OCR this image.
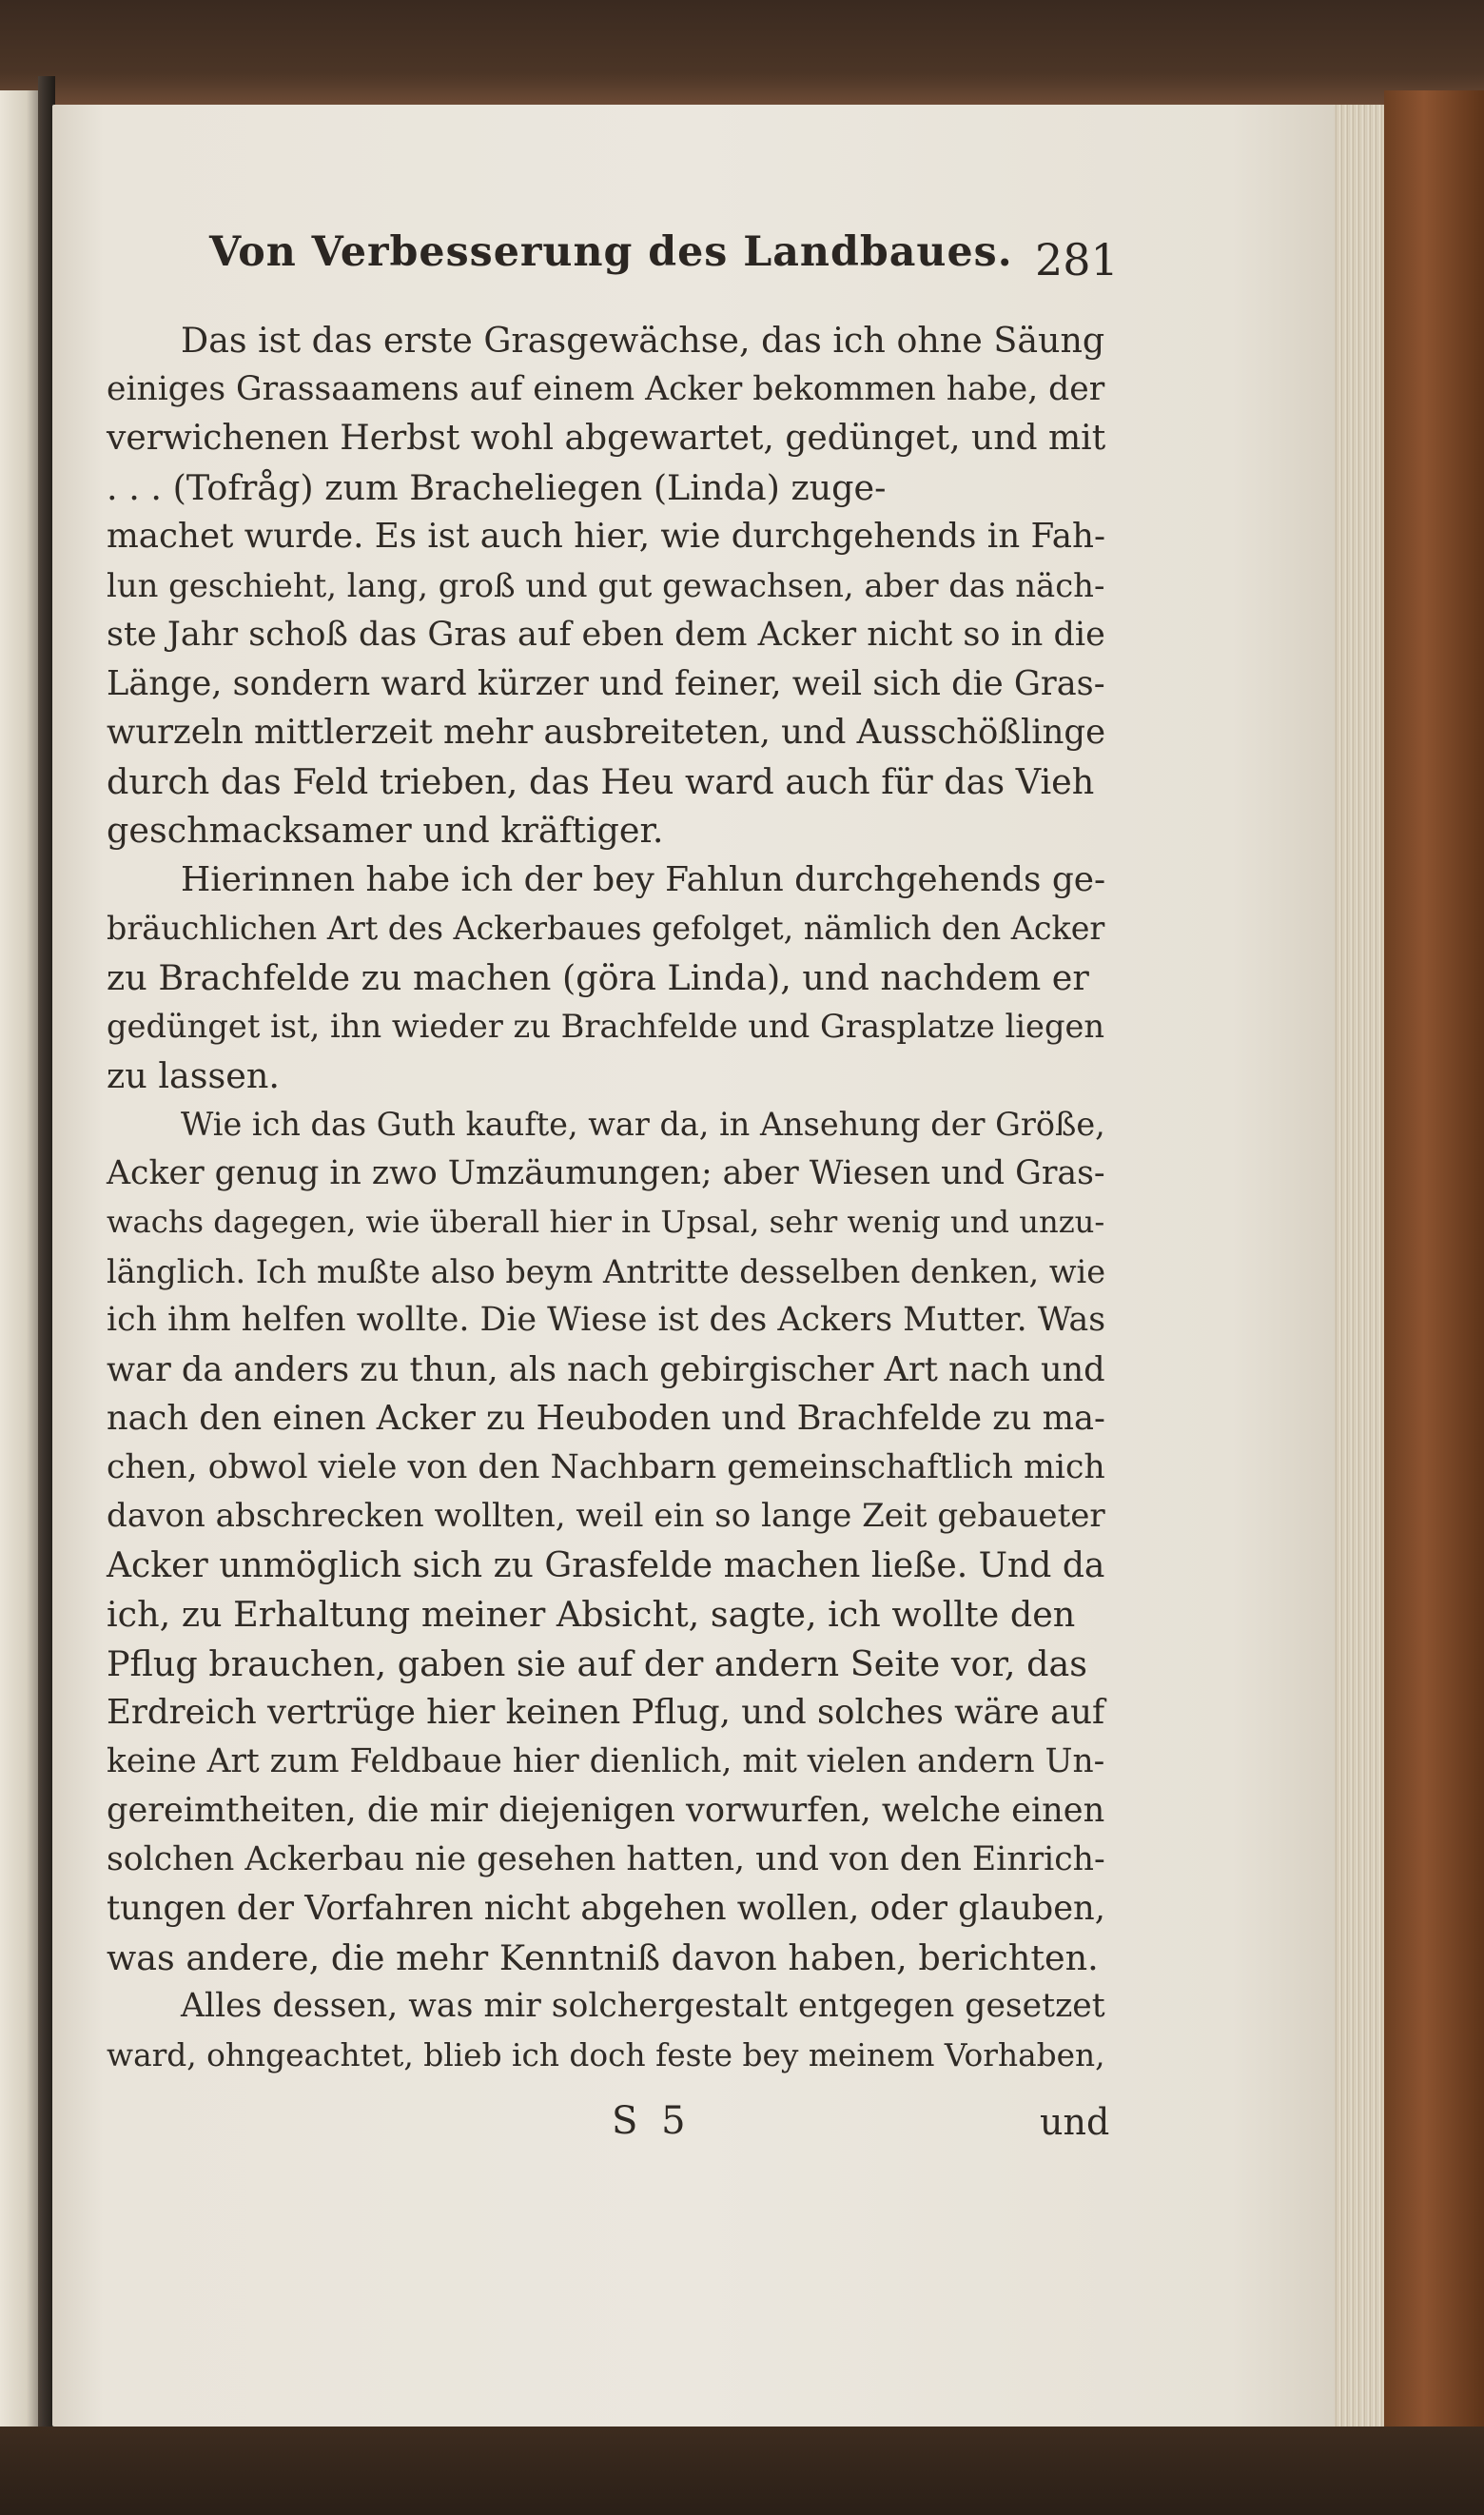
Von Verbesserung des Landbaues. 281
Das ist das erste Grasgewächse, das ich ohne Säung
einiges Grassaamens auf einem Acker bekommen habe, der
verwichenen Herbst wohl abgewartet, gedünget, und mit
. . . (Tofråg) zum Bracheliegen (Linda) zuge-
machet wurde. Es ist auch hier, wie durchgehends in Fah-
lun geschieht, lang, groß und gut gewachsen, aber das näch-
ste Jahr schoß das Gras auf eben dem Acker nicht so in die
Länge, sondern ward kürzer und feiner, weil sich die Gras-
wurzeln mittlerzeit mehr ausbreiteten, und Ausschößlinge
durch das Feld trieben, das Heu ward auch für das Vieh
geschmacksamer und kräftiger.
Hierinnen habe ich der bey Fahlun durchgehends ge-
bräuchlichen Art des Ackerbaues gefolget, nämlich den Acker
zu Brachfelde zu machen (göra Linda), und nachdem er
gedünget ist, ihn wieder zu Brachfelde und Grasplatze liegen
zu lassen.
Wie ich das Guth kaufte, war da, in Ansehung der Größe,
Acker genug in zwo Umzäumungen; aber Wiesen und Gras-
wachs dagegen, wie überall hier in Upsal, sehr wenig und unzu-
länglich. Ich mußte also beym Antritte desselben denken, wie
ich ihm helfen wollte. Die Wiese ist des Ackers Mutter. Was
war da anders zu thun, als nach gebirgischer Art nach und
nach den einen Acker zu Heuboden und Brachfelde zu ma-
chen, obwol viele von den Nachbarn gemeinschaftlich mich
davon abschrecken wollten, weil ein so lange Zeit gebaueter
Acker unmöglich sich zu Grasfelde machen ließe. Und da
ich, zu Erhaltung meiner Absicht, sagte, ich wollte den
Pflug brauchen, gaben sie auf der andern Seite vor, das
Erdreich vertrüge hier keinen Pflug, und solches wäre auf
keine Art zum Feldbaue hier dienlich, mit vielen andern Un-
gereimtheiten, die mir diejenigen vorwurfen, welche einen
solchen Ackerbau nie gesehen hatten, und von den Einrich-
tungen der Vorfahren nicht abgehen wollen, oder glauben,
was andere, die mehr Kenntniß davon haben, berichten.
Alles dessen, was mir solchergestalt entgegen gesetzet
ward, ohngeachtet, blieb ich doch feste bey meinem Vorhaben,
S 5	und
